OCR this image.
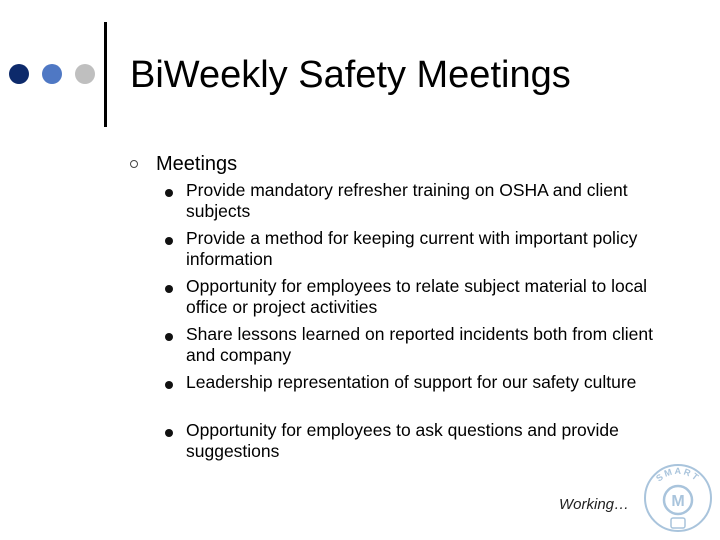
BiWeekly Safety Meetings
Meetings
Provide mandatory refresher training on OSHA and client subjects
Provide a method for keeping current with important policy information
Opportunity for employees to relate subject material to local office or project activities
Share lessons learned on reported incidents both from client and company
Leadership representation of support for our safety culture
Opportunity for employees to ask questions and provide suggestions
Working…	M
SMART
